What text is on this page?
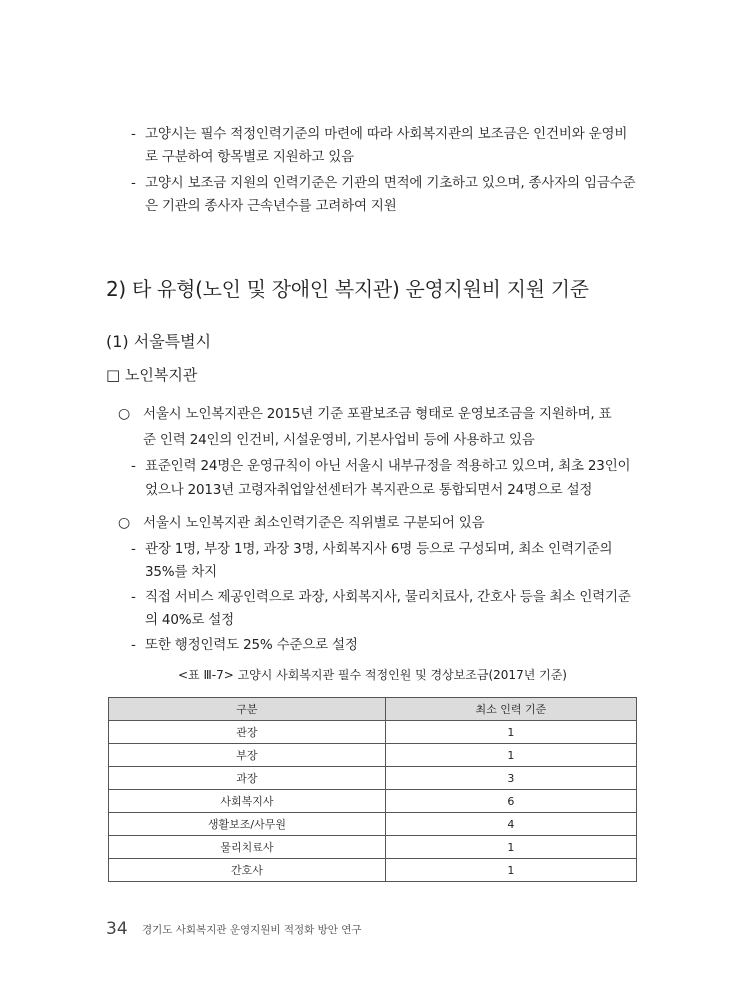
- 고양시는 필수 적정인력기준의 마련에 따라 사회복지관의 보조금은 인건비와 운영비
로 구분하여 항목별로 지원하고 있음
- 고양시 보조금 지원의 인력기준은 기관의 면적에 기초하고 있으며, 종사자의 임금수준
은 기관의 종사자 근속년수를 고려하여 지원
2) 타 유형(노인 및 장애인 복지관) 운영지원비 지원 기준
(1) 서울특별시
□ 노인복지관
○ 서울시 노인복지관은 2015년 기준 포괄보조금 형태로 운영보조금을 지원하며, 표
준 인력 24인의 인건비, 시설운영비, 기본사업비 등에 사용하고 있음
- 표준인력 24명은 운영규칙이 아닌 서울시 내부규정을 적용하고 있으며, 최초 23인이
었으나 2013년 고령자취업알선센터가 복지관으로 통합되면서 24명으로 설정
○ 서울시 노인복지관 최소인력기준은 직위별로 구분되어 있음
- 관장 1명, 부장 1명, 과장 3명, 사회복지사 6명 등으로 구성되며, 최소 인력기준의
35%를 차지
- 직접 서비스 제공인력으로 과장, 사회복지사, 물리치료사, 간호사 등을 최소 인력기준
의 40%로 설정
- 또한 행정인력도 25% 수준으로 설정
<표 Ⅲ-7> 고양시 사회복지관 필수 적정인원 및 경상보조금(2017년 기준)
구분	최소 인력 기준
관장	1
부장	1
과장	3
사회복지사	6
생활보조/사무원	4
물리치료사	1
간호사	1
34 경기도 사회복지관 운영지원비 적정화 방안 연구
